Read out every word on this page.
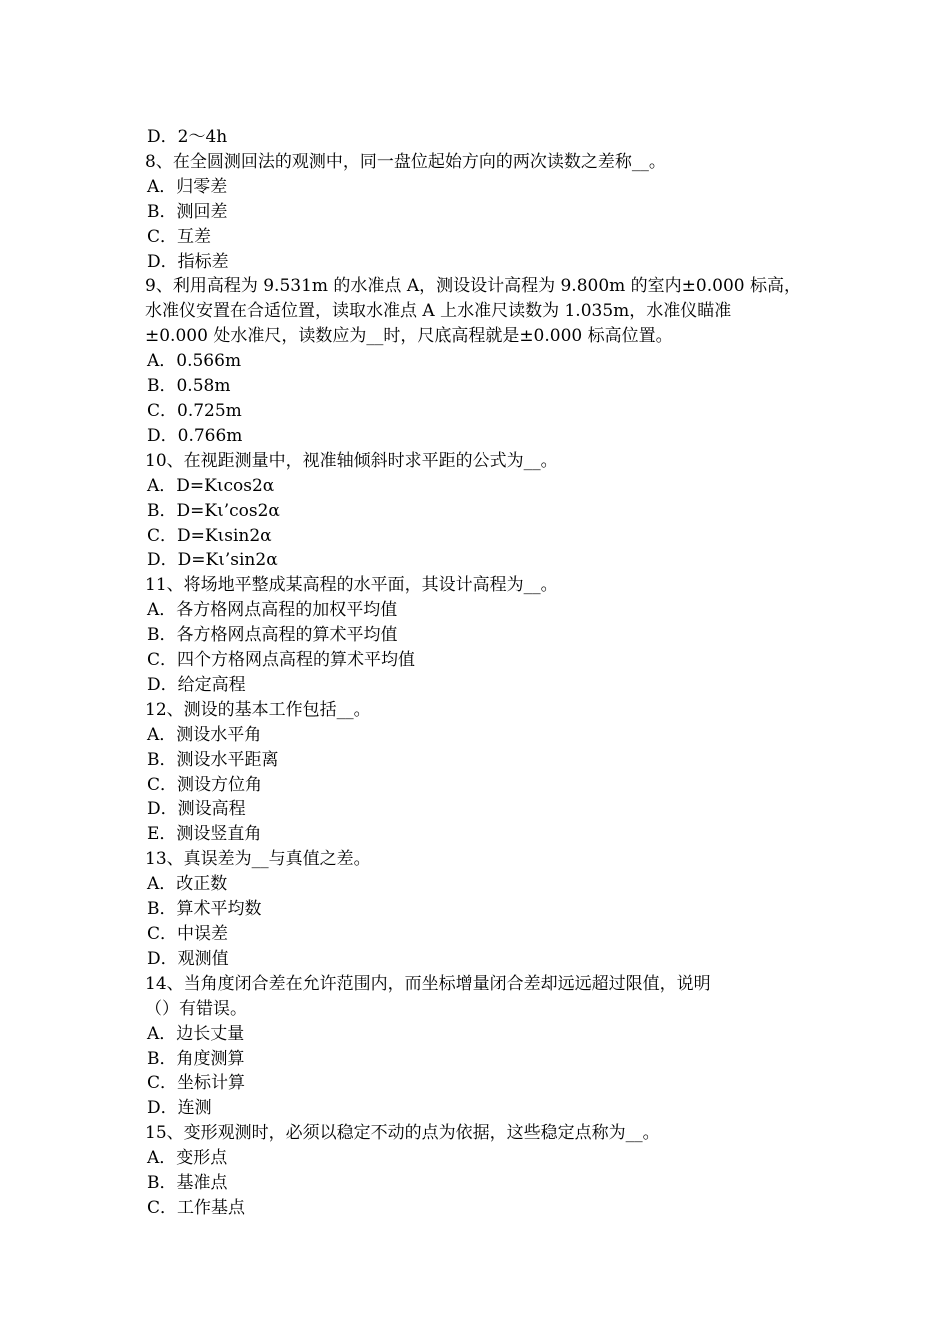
D．2～4h
8、在全圆测回法的观测中，同一盘位起始方向的两次读数之差称__。
A．归零差
B．测回差
C．互差
D．指标差
9、利用高程为 9.531m 的水准点 A，测设设计高程为 9.800m 的室内±0.000 标高，
水准仪安置在合适位置，读取水准点 A 上水准尺读数为 1.035m，水准仪瞄准
±0.000 处水准尺，读数应为__时，尺底高程就是±0.000 标高位置。
A．0.566m
B．0.58m
C．0.725m
D．0.766m
10、在视距测量中，视准轴倾斜时求平距的公式为__。
A．D=Kιcos2α
B．D=Kι’cos2α
C．D=Kιsin2α
D．D=Kι’sin2α
11、将场地平整成某高程的水平面，其设计高程为__。
A．各方格网点高程的加权平均值
B．各方格网点高程的算术平均值
C．四个方格网点高程的算术平均值
D．给定高程
12、测设的基本工作包括__。
A．测设水平角
B．测设水平距离
C．测设方位角
D．测设高程
E．测设竖直角
13、真误差为__与真值之差。
A．改正数
B．算术平均数
C．中误差
D．观测值
14、当角度闭合差在允许范围内，而坐标增量闭合差却远远超过限值，说明
（）有错误。
A．边长丈量
B．角度测算
C．坐标计算
D．连测
15、变形观测时，必须以稳定不动的点为依据，这些稳定点称为__。
A．变形点
B．基准点
C．工作基点
